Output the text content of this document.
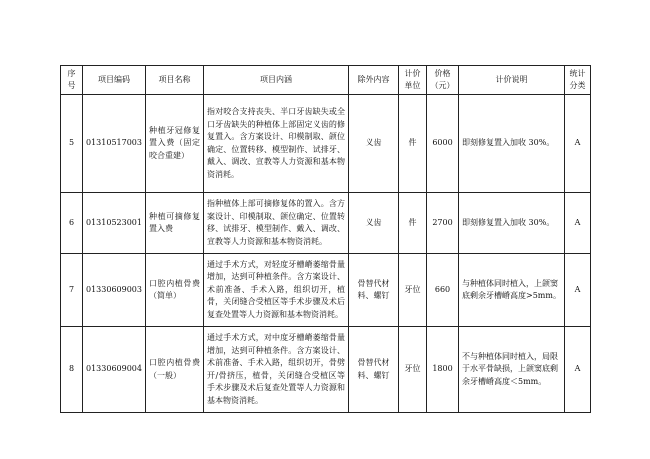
序号	项目编码	项目名称	项目内涵	除外内容	计价单位	价格（元）	计价说明	统计分类
5	01310517003	种植牙冠修复置入费（固定咬合重建）	指对咬合支持丧失、半口牙齿缺失或全口牙齿缺失的种植体上部固定义齿的修复置入。含方案设计、印模制取、颌位确定、位置转移、模型制作、试排牙、戴入、调改、宣教等人力资源和基本物资消耗。	义齿	件	6000	即刻修复置入加收 30%。	A
6	01310523001	种植可摘修复置入费	指种植体上部可摘修复体的置入。含方案设计、印模制取、颌位确定、位置转移、试排牙、模型制作、戴入、调改、宣教等人力资源和基本物资消耗。	义齿	件	2700	即刻修复置入加收 30%。	A
7	01330609003	口腔内植骨费（简单）	通过手术方式，对轻度牙槽嵴萎缩骨量增加，达到可种植条件。含方案设计、术前准备、手术入路，组织切开，植骨，关闭缝合受植区等手术步骤及术后复查处置等人力资源和基本物资消耗。	骨替代材料、螺钉	牙位	660	与种植体同时植入，上颌窦底剩余牙槽嵴高度>5mm。	A
8	01330609004	口腔内植骨费（一般）	通过手术方式，对中度牙槽嵴萎缩骨量增加，达到可种植条件。含方案设计、术前准备、手术入路，组织切开，骨劈开/骨挤压，植骨，关闭缝合受植区等手术步骤及术后复查处置等人力资源和基本物资消耗。	骨替代材料、螺钉	牙位	1800	不与种植体同时植入，局限于水平骨缺损，上颌窦底剩余牙槽嵴高度＜5mm。	A
